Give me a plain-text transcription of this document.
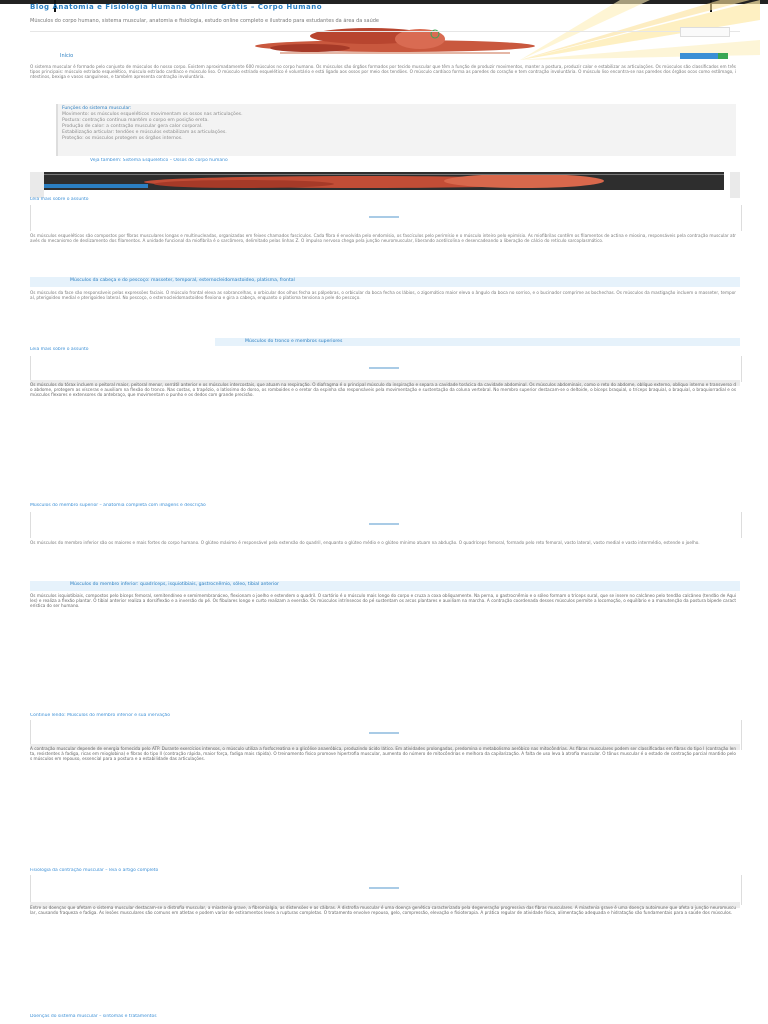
Blog Anatomia e Fisiologia Humana Online Grátis – Corpo Humano
Músculos do corpo humano, sistema muscular, anatomia e fisiologia, estudo online completo e ilustrado para estudantes da área da saúde
Início
O sistema muscular é formado pelo conjunto de músculos do nosso corpo. Existem aproximadamente 600 músculos no corpo humano. Os músculos são órgãos formados por tecido muscular que têm a função de produzir movimentos, manter a postura, produzir calor e estabilizar as articulações. Os músculos são classificados em três tipos principais: músculo estriado esquelético, músculo estriado cardíaco e músculo liso. O músculo estriado esquelético é voluntário e está ligado aos ossos por meio dos tendões. O músculo cardíaco forma as paredes do coração e tem contração involuntária. O músculo liso encontra-se nas paredes dos órgãos ocos como estômago, intestinos, bexiga e vasos sanguíneos, e também apresenta contração involuntária.
Funções do sistema muscular:
Movimento: os músculos esqueléticos movimentam os ossos nas articulações.
Postura: contração contínua mantém o corpo em posição ereta.
Produção de calor: a contração muscular gera calor corporal.
Estabilização articular: tendões e músculos estabilizam as articulações.
Proteção: os músculos protegem os órgãos internos.
Veja também: Sistema Esquelético – Ossos do corpo humano
Leia mais sobre o assunto
Os músculos esqueléticos são compostos por fibras musculares longas e multinucleadas, organizadas em feixes chamados fascículos. Cada fibra é envolvida pelo endomísio, os fascículos pelo perimísio e o músculo inteiro pelo epimísio. As miofibrilas contêm os filamentos de actina e miosina, responsáveis pela contração muscular através do mecanismo de deslizamento dos filamentos. A unidade funcional da miofibrila é o sarcômero, delimitado pelas linhas Z. O impulso nervoso chega pela junção neuromuscular, liberando acetilcolina e desencadeando a liberação de cálcio do retículo sarcoplasmático.
Músculos da cabeça e do pescoço: masseter, temporal, esternocleidomastoideo, platisma, frontal
Os músculos da face são responsáveis pelas expressões faciais. O músculo frontal eleva as sobrancelhas, o orbicular dos olhos fecha as pálpebras, o orbicular da boca fecha os lábios, o zigomático maior eleva o ângulo da boca no sorriso, e o bucinador comprime as bochechas. Os músculos da mastigação incluem o masseter, temporal, pterigoideo medial e pterigoideo lateral. No pescoço, o esternocleidomastoideo flexiona e gira a cabeça, enquanto o platisma tensiona a pele do pescoço.
Músculos do tronco e membros superiores
Leia mais sobre o assunto
Os músculos do tórax incluem o peitoral maior, peitoral menor, serrátil anterior e os músculos intercostais, que atuam na respiração. O diafragma é o principal músculo da inspiração e separa a cavidade torácica da cavidade abdominal. Os músculos abdominais, como o reto do abdome, oblíquo externo, oblíquo interno e transverso do abdome, protegem as vísceras e auxiliam na flexão do tronco. Nas costas, o trapézio, o latíssimo do dorso, os romboides e o eretor da espinha são responsáveis pela movimentação e sustentação da coluna vertebral. No membro superior destacam-se o deltoide, o bíceps braquial, o tríceps braquial, o braquial, o braquiorradial e os músculos flexores e extensores do antebraço, que movimentam o punho e os dedos com grande precisão.
Músculos do membro superior – anatomia completa com imagens e descrição
Os músculos do membro inferior são os maiores e mais fortes do corpo humano. O glúteo máximo é responsável pela extensão do quadril, enquanto o glúteo médio e o glúteo mínimo atuam na abdução. O quadríceps femoral, formado pelo reto femoral, vasto lateral, vasto medial e vasto intermédio, estende o joelho.
Músculos do membro inferior: quadríceps, isquiotibiais, gastrocnêmio, sóleo, tibial anterior
Os músculos isquiotibiais, compostos pelo bíceps femoral, semitendíneo e semimembranáceo, flexionam o joelho e estendem o quadril. O sartório é o músculo mais longo do corpo e cruza a coxa obliquamente. Na perna, o gastrocnêmio e o sóleo formam o tríceps sural, que se insere no calcâneo pelo tendão calcâneo (tendão de Aquiles) e realiza a flexão plantar. O tibial anterior realiza a dorsiflexão e a inversão do pé. Os fibulares longo e curto realizam a eversão. Os músculos intrínsecos do pé sustentam os arcos plantares e auxiliam na marcha. A contração coordenada desses músculos permite a locomoção, o equilíbrio e a manutenção da postura bípede característica do ser humano.
Continue lendo: Músculos do membro inferior e sua inervação
A contração muscular depende de energia fornecida pelo ATP. Durante exercícios intensos, o músculo utiliza a fosfocreatina e a glicólise anaeróbica, produzindo ácido lático. Em atividades prolongadas, predomina o metabolismo aeróbico nas mitocôndrias. As fibras musculares podem ser classificadas em fibras do tipo I (contração lenta, resistentes à fadiga, ricas em mioglobina) e fibras do tipo II (contração rápida, maior força, fadiga mais rápida). O treinamento físico promove hipertrofia muscular, aumento do número de mitocôndrias e melhora da capilarização. A falta de uso leva à atrofia muscular. O tônus muscular é o estado de contração parcial mantido pelos músculos em repouso, essencial para a postura e a estabilidade das articulações.
Fisiologia da contração muscular – leia o artigo completo
Entre as doenças que afetam o sistema muscular destacam-se a distrofia muscular, a miastenia grave, a fibromialgia, as distensões e as cãibras. A distrofia muscular é uma doença genética caracterizada pela degeneração progressiva das fibras musculares. A miastenia grave é uma doença autoimune que afeta a junção neuromuscular, causando fraqueza e fadiga. As lesões musculares são comuns em atletas e podem variar de estiramentos leves a rupturas completas. O tratamento envolve repouso, gelo, compressão, elevação e fisioterapia. A prática regular de atividade física, alimentação adequada e hidratação são fundamentais para a saúde dos músculos.
Doenças do sistema muscular – sintomas e tratamentos
